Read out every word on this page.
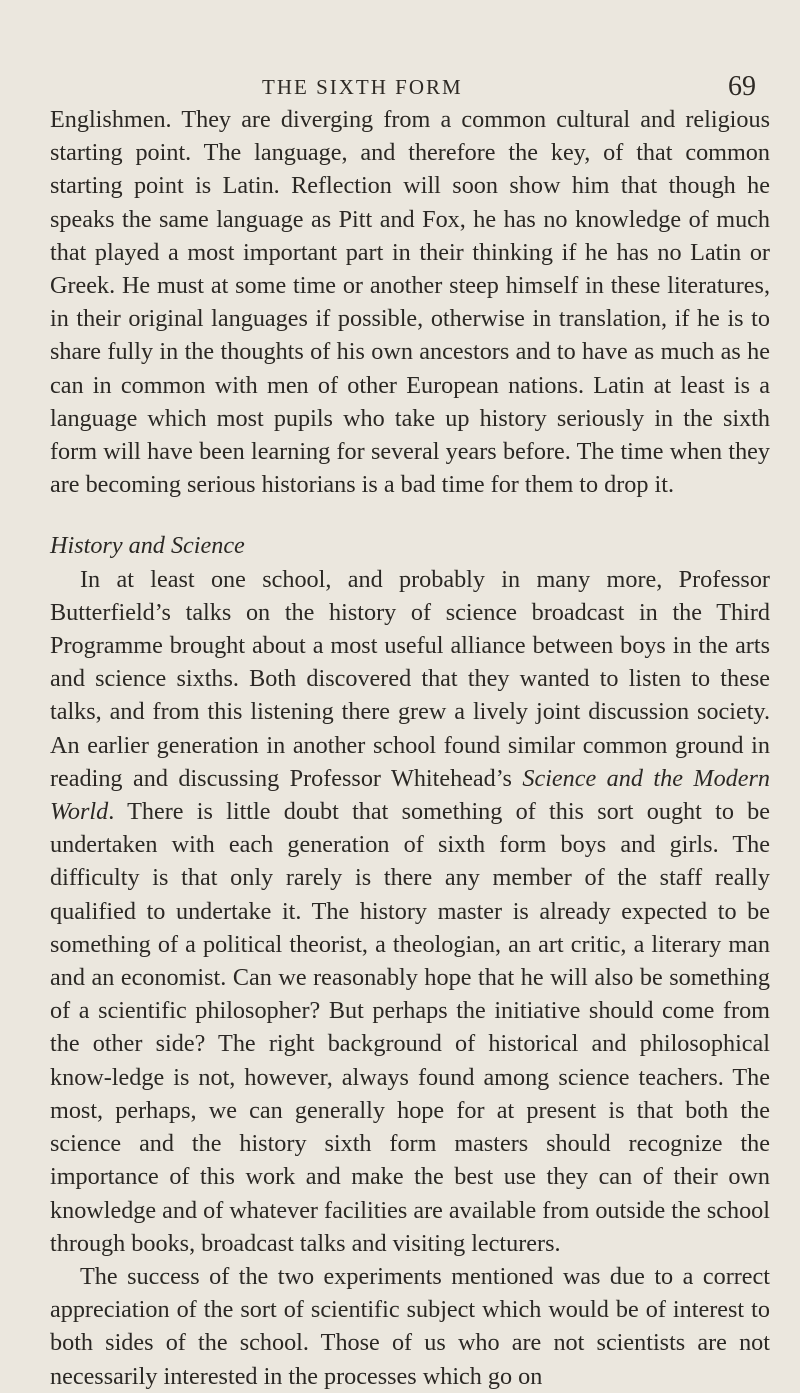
THE SIXTH FORM	69

Englishmen. They are diverging from a common cultural and religious starting point. The language, and therefore the key, of that common starting point is Latin. Reflection will soon show him that though he speaks the same language as Pitt and Fox, he has no knowledge of much that played a most important part in their thinking if he has no Latin or Greek. He must at some time or another steep himself in these literatures, in their original languages if possible, otherwise in translation, if he is to share fully in the thoughts of his own ancestors and to have as much as he can in common with men of other European nations. Latin at least is a language which most pupils who take up history seriously in the sixth form will have been learning for several years before. The time when they are becoming serious historians is a bad time for them to drop it.

History and Science

In at least one school, and probably in many more, Professor Butterfield’s talks on the history of science broadcast in the Third Programme brought about a most useful alliance between boys in the arts and science sixths. Both discovered that they wanted to listen to these talks, and from this listening there grew a lively joint discussion society. An earlier generation in another school found similar common ground in reading and discussing Professor Whitehead’s Science and the Modern World. There is little doubt that something of this sort ought to be undertaken with each generation of sixth form boys and girls. The difficulty is that only rarely is there any member of the staff really qualified to undertake it. The history master is already expected to be something of a political theorist, a theologian, an art critic, a literary man and an economist. Can we reasonably hope that he will also be something of a scientific philosopher? But perhaps the initiative should come from the other side? The right background of historical and philosophical know-ledge is not, however, always found among science teachers. The most, perhaps, we can generally hope for at present is that both the science and the history sixth form masters should recognize the importance of this work and make the best use they can of their own knowledge and of whatever facilities are available from outside the school through books, broadcast talks and visiting lecturers.

The success of the two experiments mentioned was due to a correct appreciation of the sort of scientific subject which would be of interest to both sides of the school. Those of us who are not scientists are not necessarily interested in the processes which go on
